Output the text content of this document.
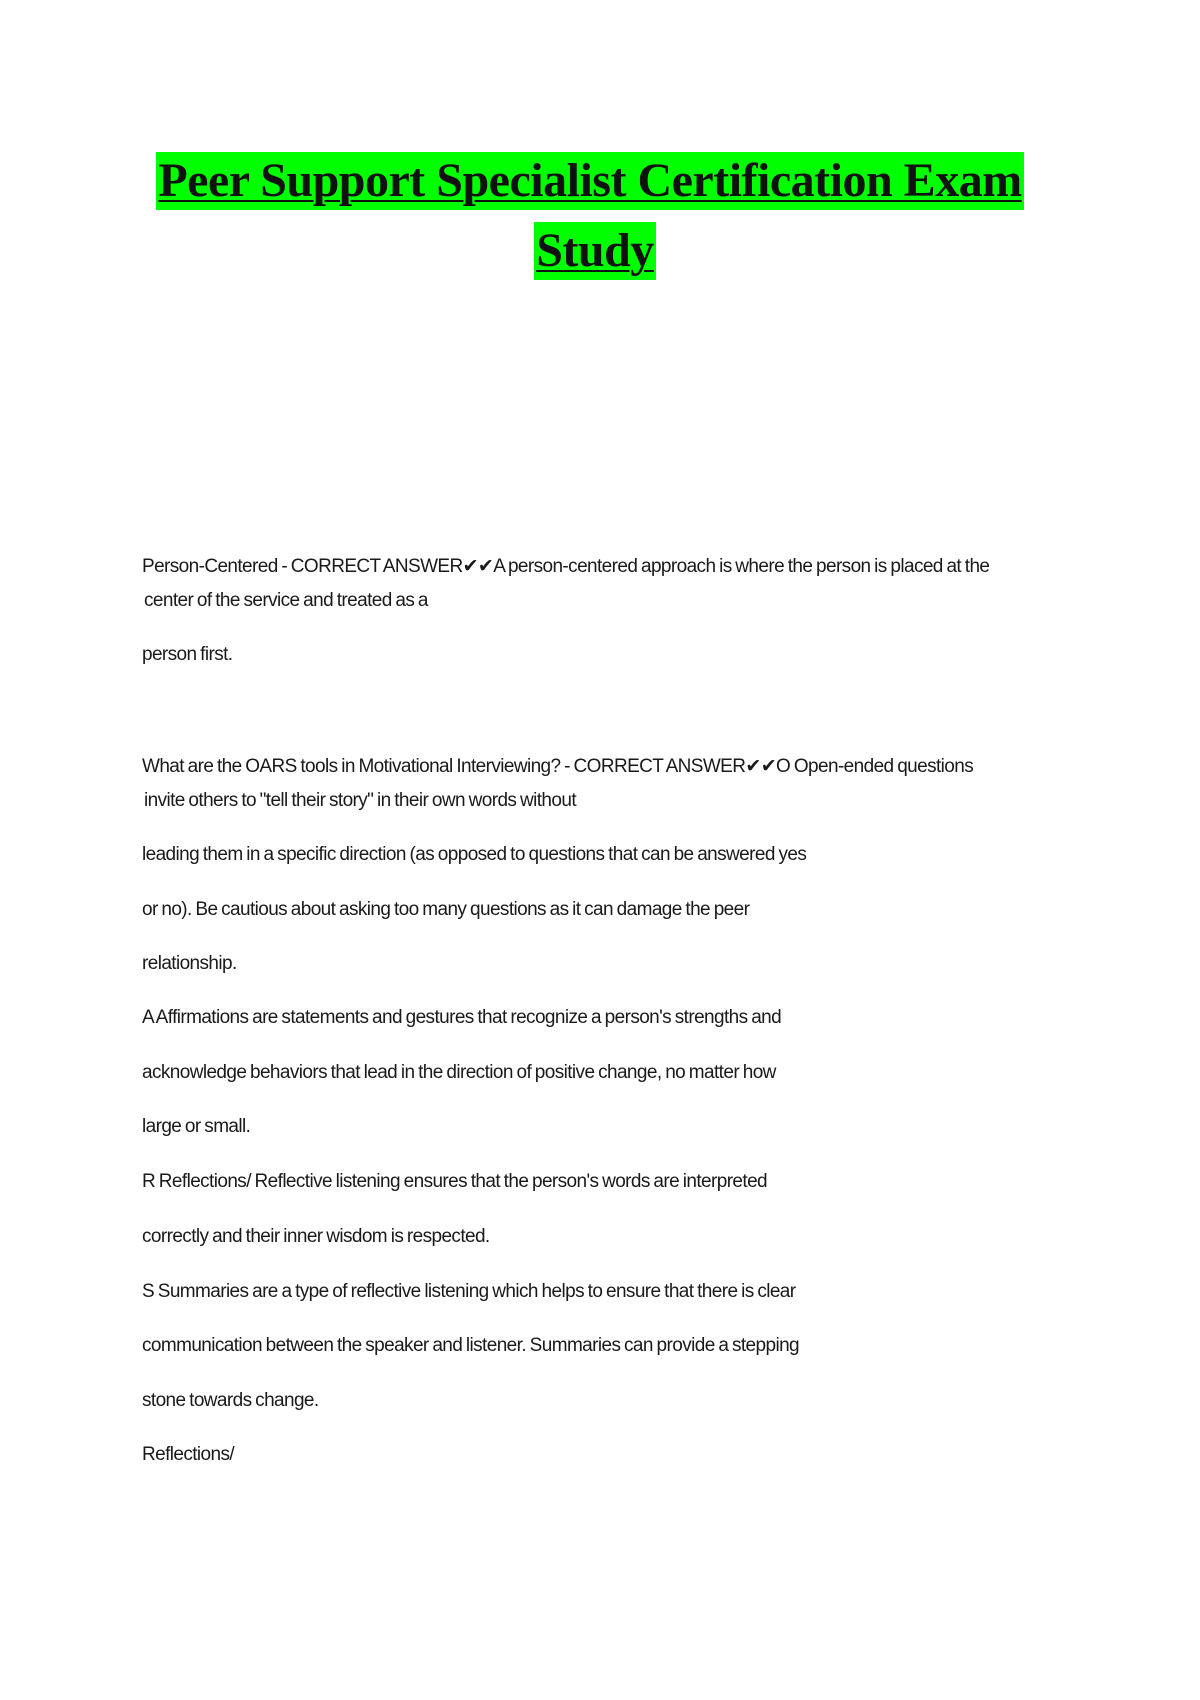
Peer Support Specialist Certification Exam
Study
Person-Centered - CORRECT ANSWER✔✔A person-centered approach is where the person is placed at the
center of the service and treated as a
person first.
What are the OARS tools in Motivational Interviewing? - CORRECT ANSWER✔✔O Open-ended questions
invite others to "tell their story" in their own words without
leading them in a specific direction (as opposed to questions that can be answered yes
or no). Be cautious about asking too many questions as it can damage the peer
relationship.
A Affirmations are statements and gestures that recognize a person's strengths and
acknowledge behaviors that lead in the direction of positive change, no matter how
large or small.
R Reflections/ Reflective listening ensures that the person's words are interpreted
correctly and their inner wisdom is respected.
S Summaries are a type of reflective listening which helps to ensure that there is clear
communication between the speaker and listener. Summaries can provide a stepping
stone towards change.
Reflections/
